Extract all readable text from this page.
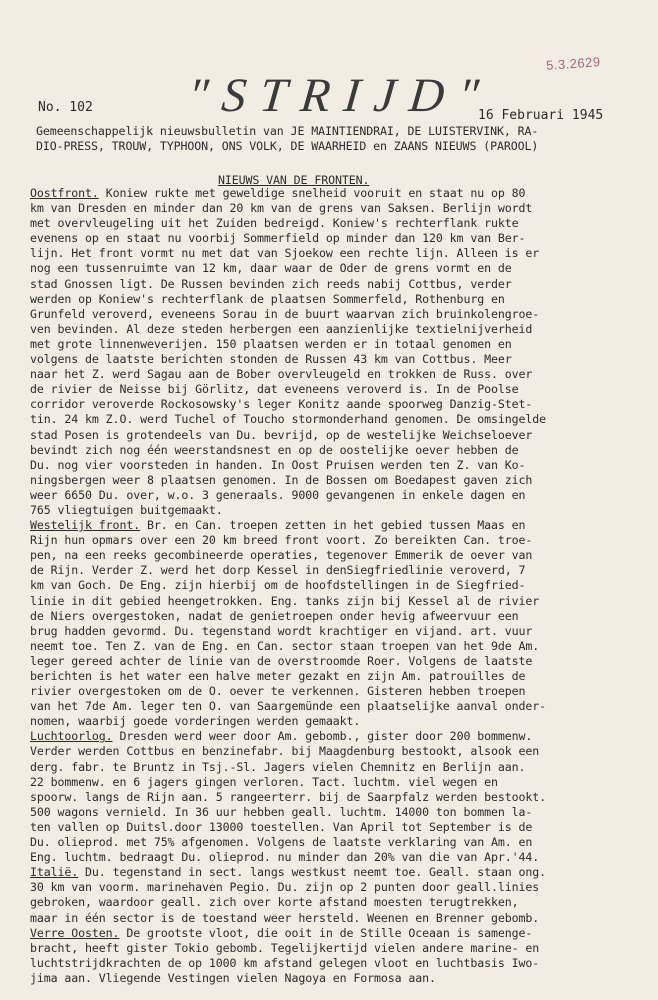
5.3.2629
"STRIJD"
No. 102
16 Februari 1945
Gemeenschappelijk nieuwsbulletin van JE MAINTIENDRAI, DE LUISTERVINK, RA-
DIO-PRESS, TROUW, TYPHOON, ONS VOLK, DE WAARHEID en ZAANS NIEUWS (PAROOL)
NIEUWS VAN DE FRONTEN.
Oostfront. Koniew rukte met geweldige snelheid vooruit en staat nu op 80
km van Dresden en minder dan 20 km van de grens van Saksen. Berlijn wordt
met overvleugeling uit het Zuiden bedreigd. Koniew's rechterflank rukte
evenens op en staat nu voorbij Sommerfield op minder dan 120 km van Ber-
lijn. Het front vormt nu met dat van Sjoekow een rechte lijn. Alleen is er
nog een tussenruimte van 12 km, daar waar de Oder de grens vormt en de
stad Gnossen ligt. De Russen bevinden zich reeds nabij Cottbus, verder
werden op Koniew's rechterflank de plaatsen Sommerfeld, Rothenburg en
Grunfeld veroverd, eveneens Sorau in de buurt waarvan zich bruinkolengroe-
ven bevinden. Al deze steden herbergen een aanzienlijke textielnijverheid
met grote linnenweverijen. 150 plaatsen werden er in totaal genomen en
volgens de laatste berichten stonden de Russen 43 km van Cottbus. Meer
naar het Z. werd Sagau aan de Bober overvleugeld en trokken de Russ. over
de rivier de Neisse bij Görlitz, dat eveneens veroverd is. In de Poolse
corridor veroverde Rockosowsky's leger Konitz aande spoorweg Danzig-Stet-
tin. 24 km Z.O. werd Tuchel of Toucho stormonderhand genomen. De omsingelde
stad Posen is grotendeels van Du. bevrijd, op de westelijke Weichseloever
bevindt zich nog één weerstandsnest en op de oostelijke oever hebben de
Du. nog vier voorsteden in handen. In Oost Pruisen werden ten Z. van Ko-
ningsbergen weer 8 plaatsen genomen. In de Bossen om Boedapest gaven zich
weer 6650 Du. over, w.o. 3 generaals. 9000 gevangenen in enkele dagen en
765 vliegtuigen buitgemaakt.
Westelijk front. Br. en Can. troepen zetten in het gebied tussen Maas en
Rijn hun opmars over een 20 km breed front voort. Zo bereikten Can. troe-
pen, na een reeks gecombineerde operaties, tegenover Emmerik de oever van
de Rijn. Verder Z. werd het dorp Kessel in denSiegfriedlinie veroverd, 7
km van Goch. De Eng. zijn hierbij om de hoofdstellingen in de Siegfried-
linie in dit gebied heengetrokken. Eng. tanks zijn bij Kessel al de rivier
de Niers overgestoken, nadat de genietroepen onder hevig afweervuur een
brug hadden gevormd. Du. tegenstand wordt krachtiger en vijand. art. vuur
neemt toe. Ten Z. van de Eng. en Can. sector staan troepen van het 9de Am.
leger gereed achter de linie van de overstroomde Roer. Volgens de laatste
berichten is het water een halve meter gezakt en zijn Am. patrouilles de
rivier overgestoken om de O. oever te verkennen. Gisteren hebben troepen
van het 7de Am. leger ten O. van Saargemünde een plaatselijke aanval onder-
nomen, waarbij goede vorderingen werden gemaakt.
Luchtoorlog. Dresden werd weer door Am. gebomb., gister door 200 bommenw.
Verder werden Cottbus en benzinefabr. bij Maagdenburg bestookt, alsook een
derg. fabr. te Bruntz in Tsj.-Sl. Jagers vielen Chemnitz en Berlijn aan.
22 bommenw. en 6 jagers gingen verloren. Tact. luchtm. viel wegen en
spoorw. langs de Rijn aan. 5 rangeerterr. bij de Saarpfalz werden bestookt.
500 wagons vernield. In 36 uur hebben geall. luchtm. 14000 ton bommen la-
ten vallen op Duitsl.door 13000 toestellen. Van April tot September is de
Du. olieprod. met 75% afgenomen. Volgens de laatste verklaring van Am. en
Eng. luchtm. bedraagt Du. olieprod. nu minder dan 20% van die van Apr.'44.
Italië. Du. tegenstand in sect. langs westkust neemt toe. Geall. staan ong.
30 km van voorm. marinehaven Pegio. Du. zijn op 2 punten door geall.linies
gebroken, waardoor geall. zich over korte afstand moesten terugtrekken,
maar in één sector is de toestand weer hersteld. Weenen en Brenner gebomb.
Verre Oosten. De grootste vloot, die ooit in de Stille Oceaan is samenge-
bracht, heeft gister Tokio gebomb. Tegelijkertijd vielen andere marine- en
luchtstrijdkrachten de op 1000 km afstand gelegen vloot en luchtbasis Iwo-
jima aan. Vliegende Vestingen vielen Nagoya en Formosa aan.
